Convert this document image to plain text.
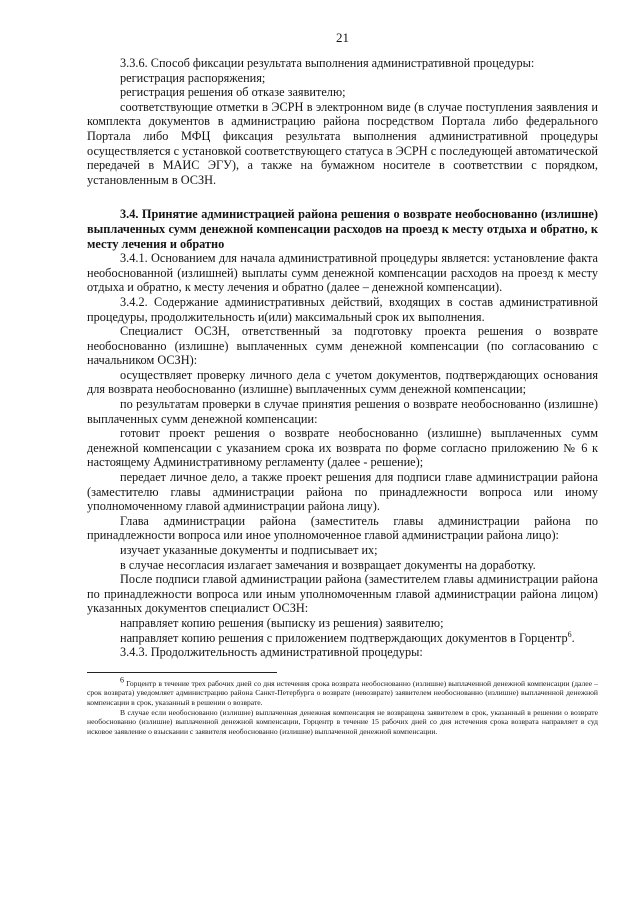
21

3.3.6. Способ фиксации результата выполнения административной процедуры:

регистрация распоряжения;

регистрация решения об отказе заявителю;

соответствующие отметки в ЭСРН в электронном виде (в случае поступления заявления и комплекта документов в администрацию района посредством Портала либо федерального Портала либо МФЦ фиксация результата выполнения административной процедуры осуществляется с установкой соответствующего статуса в ЭСРН с последующей автоматической передачей в МАИС ЭГУ), а также на бумажном носителе в соответствии с порядком, установленным в ОСЗН.

3.4. Принятие администрацией района решения о возврате необоснованно (излишне) выплаченных сумм денежной компенсации расходов на проезд к месту отдыха и обратно, к месту лечения и обратно

3.4.1. Основанием для начала административной процедуры является: установление факта необоснованной (излишней) выплаты сумм денежной компенсации расходов на проезд к месту отдыха и обратно, к месту лечения и обратно (далее – денежной компенсации).

3.4.2. Содержание административных действий, входящих в состав административной процедуры, продолжительность и(или) максимальный срок их выполнения.

Специалист ОСЗН, ответственный за подготовку проекта решения о возврате необоснованно (излишне) выплаченных сумм денежной компенсации (по согласованию с начальником ОСЗН):

осуществляет проверку личного дела с учетом документов, подтверждающих основания для возврата необоснованно (излишне) выплаченных сумм денежной компенсации;

по результатам проверки в случае принятия решения о возврате необоснованно (излишне) выплаченных сумм денежной компенсации:

готовит проект решения о возврате необоснованно (излишне) выплаченных сумм денежной компенсации с указанием срока их возврата по форме согласно приложению № 6 к настоящему Административному регламенту (далее - решение);

передает личное дело, а также проект решения для подписи главе администрации района (заместителю главы администрации района по принадлежности вопроса или иному уполномоченному главой администрации района лицу).

Глава администрации района (заместитель главы администрации района по принадлежности вопроса или иное уполномоченное главой администрации района лицо):

изучает указанные документы и подписывает их;

в случае несогласия излагает замечания и возвращает документы на доработку.

После подписи главой администрации района (заместителем главы администрации района по принадлежности вопроса или иным уполномоченным главой администрации района лицом) указанных документов специалист ОСЗН:

направляет копию решения (выписку из решения) заявителю;

направляет копию решения с приложением подтверждающих документов в Горцентр$^6$.

3.4.3. Продолжительность административной процедуры:

$^6$ Горцентр в течение трех рабочих дней со дня истечения срока возврата необоснованно (излишне) выплаченной денежной компенсации (далее – срок возврата) уведомляет администрацию района Санкт-Петербурга о возврате (невозврате) заявителем необоснованно (излишне) выплаченной денежной компенсации в срок, указанный в решении о возврате.

В случае если необоснованно (излишне) выплаченная денежная компенсация не возвращена заявителем в срок, указанный в решении о возврате необоснованно (излишне) выплаченной денежной компенсации, Горцентр в течение 15 рабочих дней со дня истечения срока возврата направляет в суд исковое заявление о взыскании с заявителя необоснованно (излишне) выплаченной денежной компенсации.
